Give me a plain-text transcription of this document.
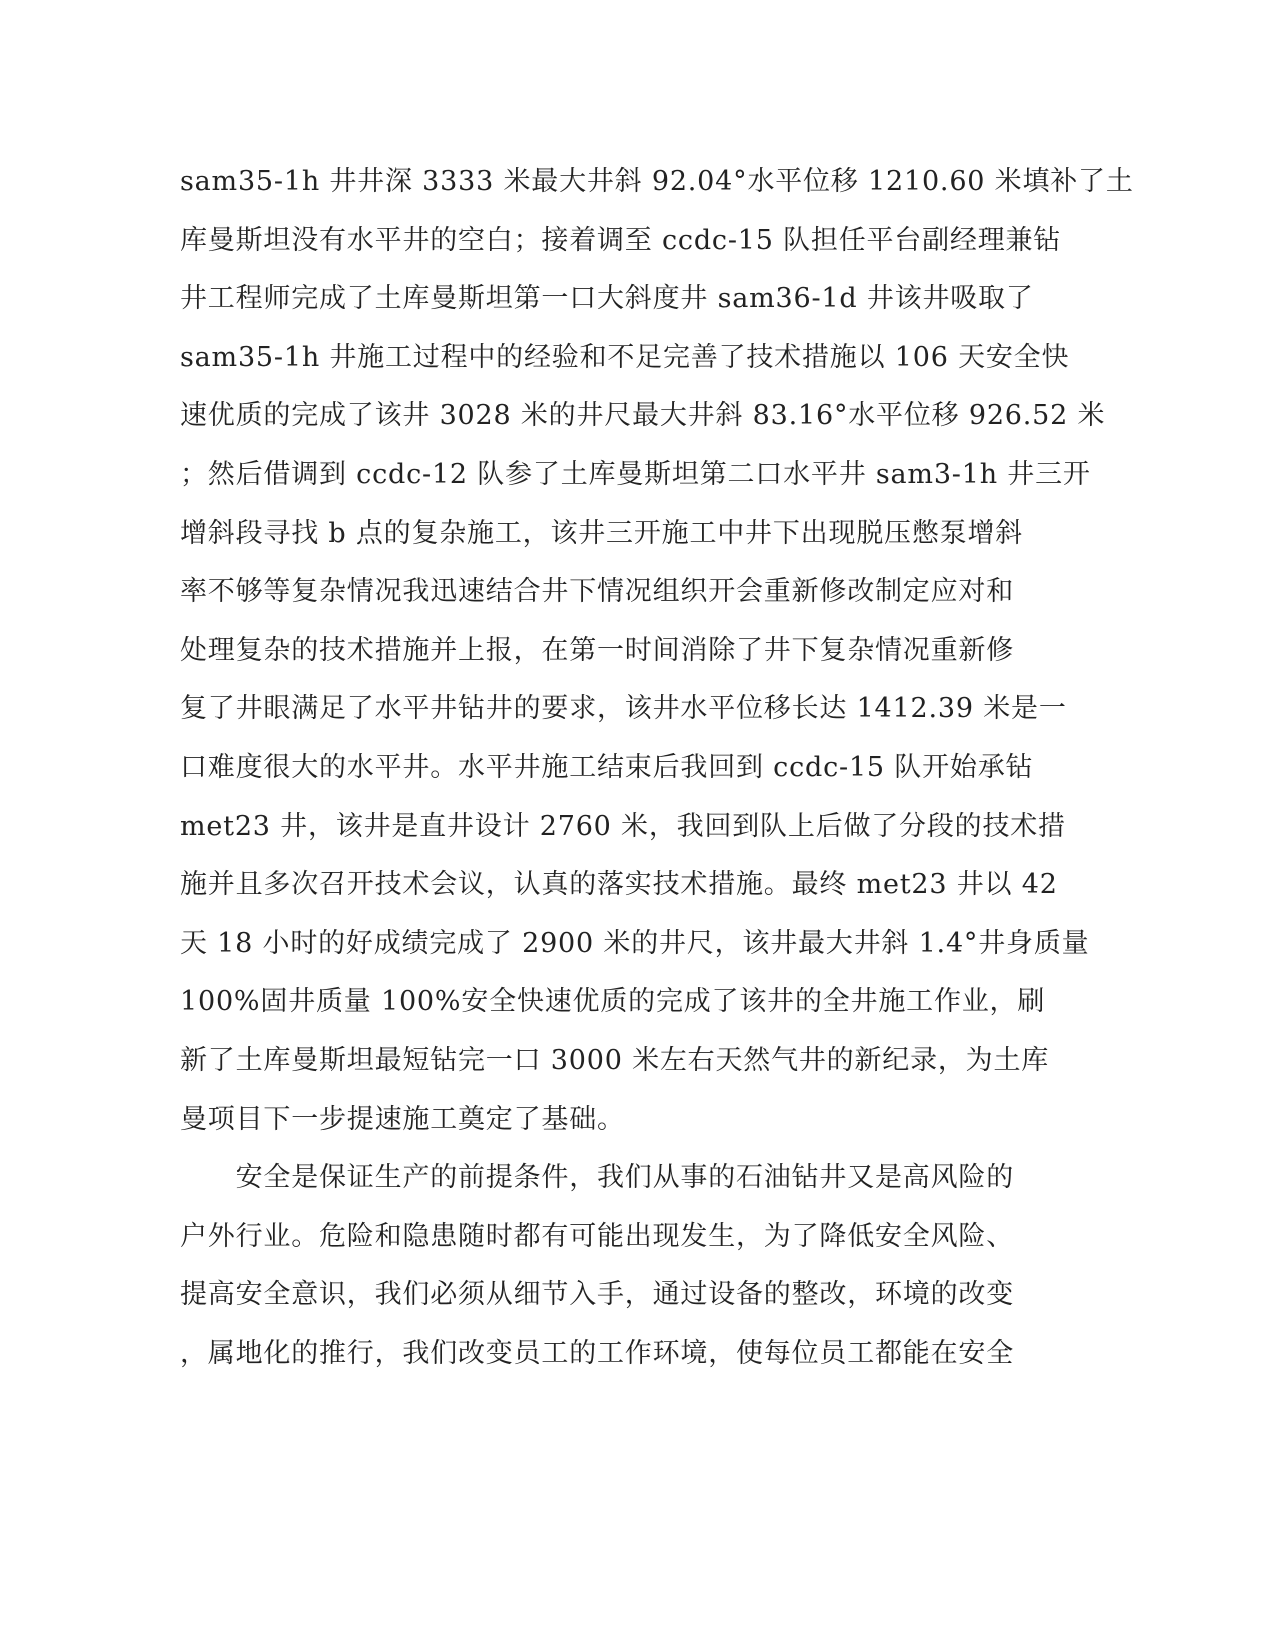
sam35-1h 井井深 3333 米最大井斜 92.04°水平位移 1210.60 米填补了土
库曼斯坦没有水平井的空白；接着调至 ccdc-15 队担任平台副经理兼钻
井工程师完成了土库曼斯坦第一口大斜度井 sam36-1d 井该井吸取了
sam35-1h 井施工过程中的经验和不足完善了技术措施以 106 天安全快
速优质的完成了该井 3028 米的井尺最大井斜 83.16°水平位移 926.52 米
；然后借调到 ccdc-12 队参了土库曼斯坦第二口水平井 sam3-1h 井三开
增斜段寻找 b 点的复杂施工，该井三开施工中井下出现脱压憋泵增斜
率不够等复杂情况我迅速结合井下情况组织开会重新修改制定应对和
处理复杂的技术措施并上报，在第一时间消除了井下复杂情况重新修
复了井眼满足了水平井钻井的要求，该井水平位移长达 1412.39 米是一
口难度很大的水平井。水平井施工结束后我回到 ccdc-15 队开始承钻
met23 井，该井是直井设计 2760 米，我回到队上后做了分段的技术措
施并且多次召开技术会议，认真的落实技术措施。最终 met23 井以 42
天 18 小时的好成绩完成了 2900 米的井尺，该井最大井斜 1.4°井身质量
100%固井质量 100%安全快速优质的完成了该井的全井施工作业，刷
新了土库曼斯坦最短钻完一口 3000 米左右天然气井的新纪录，为土库
曼项目下一步提速施工奠定了基础。
　　安全是保证生产的前提条件，我们从事的石油钻井又是高风险的
户外行业。危险和隐患随时都有可能出现发生，为了降低安全风险、
提高安全意识，我们必须从细节入手，通过设备的整改，环境的改变
，属地化的推行，我们改变员工的工作环境，使每位员工都能在安全
